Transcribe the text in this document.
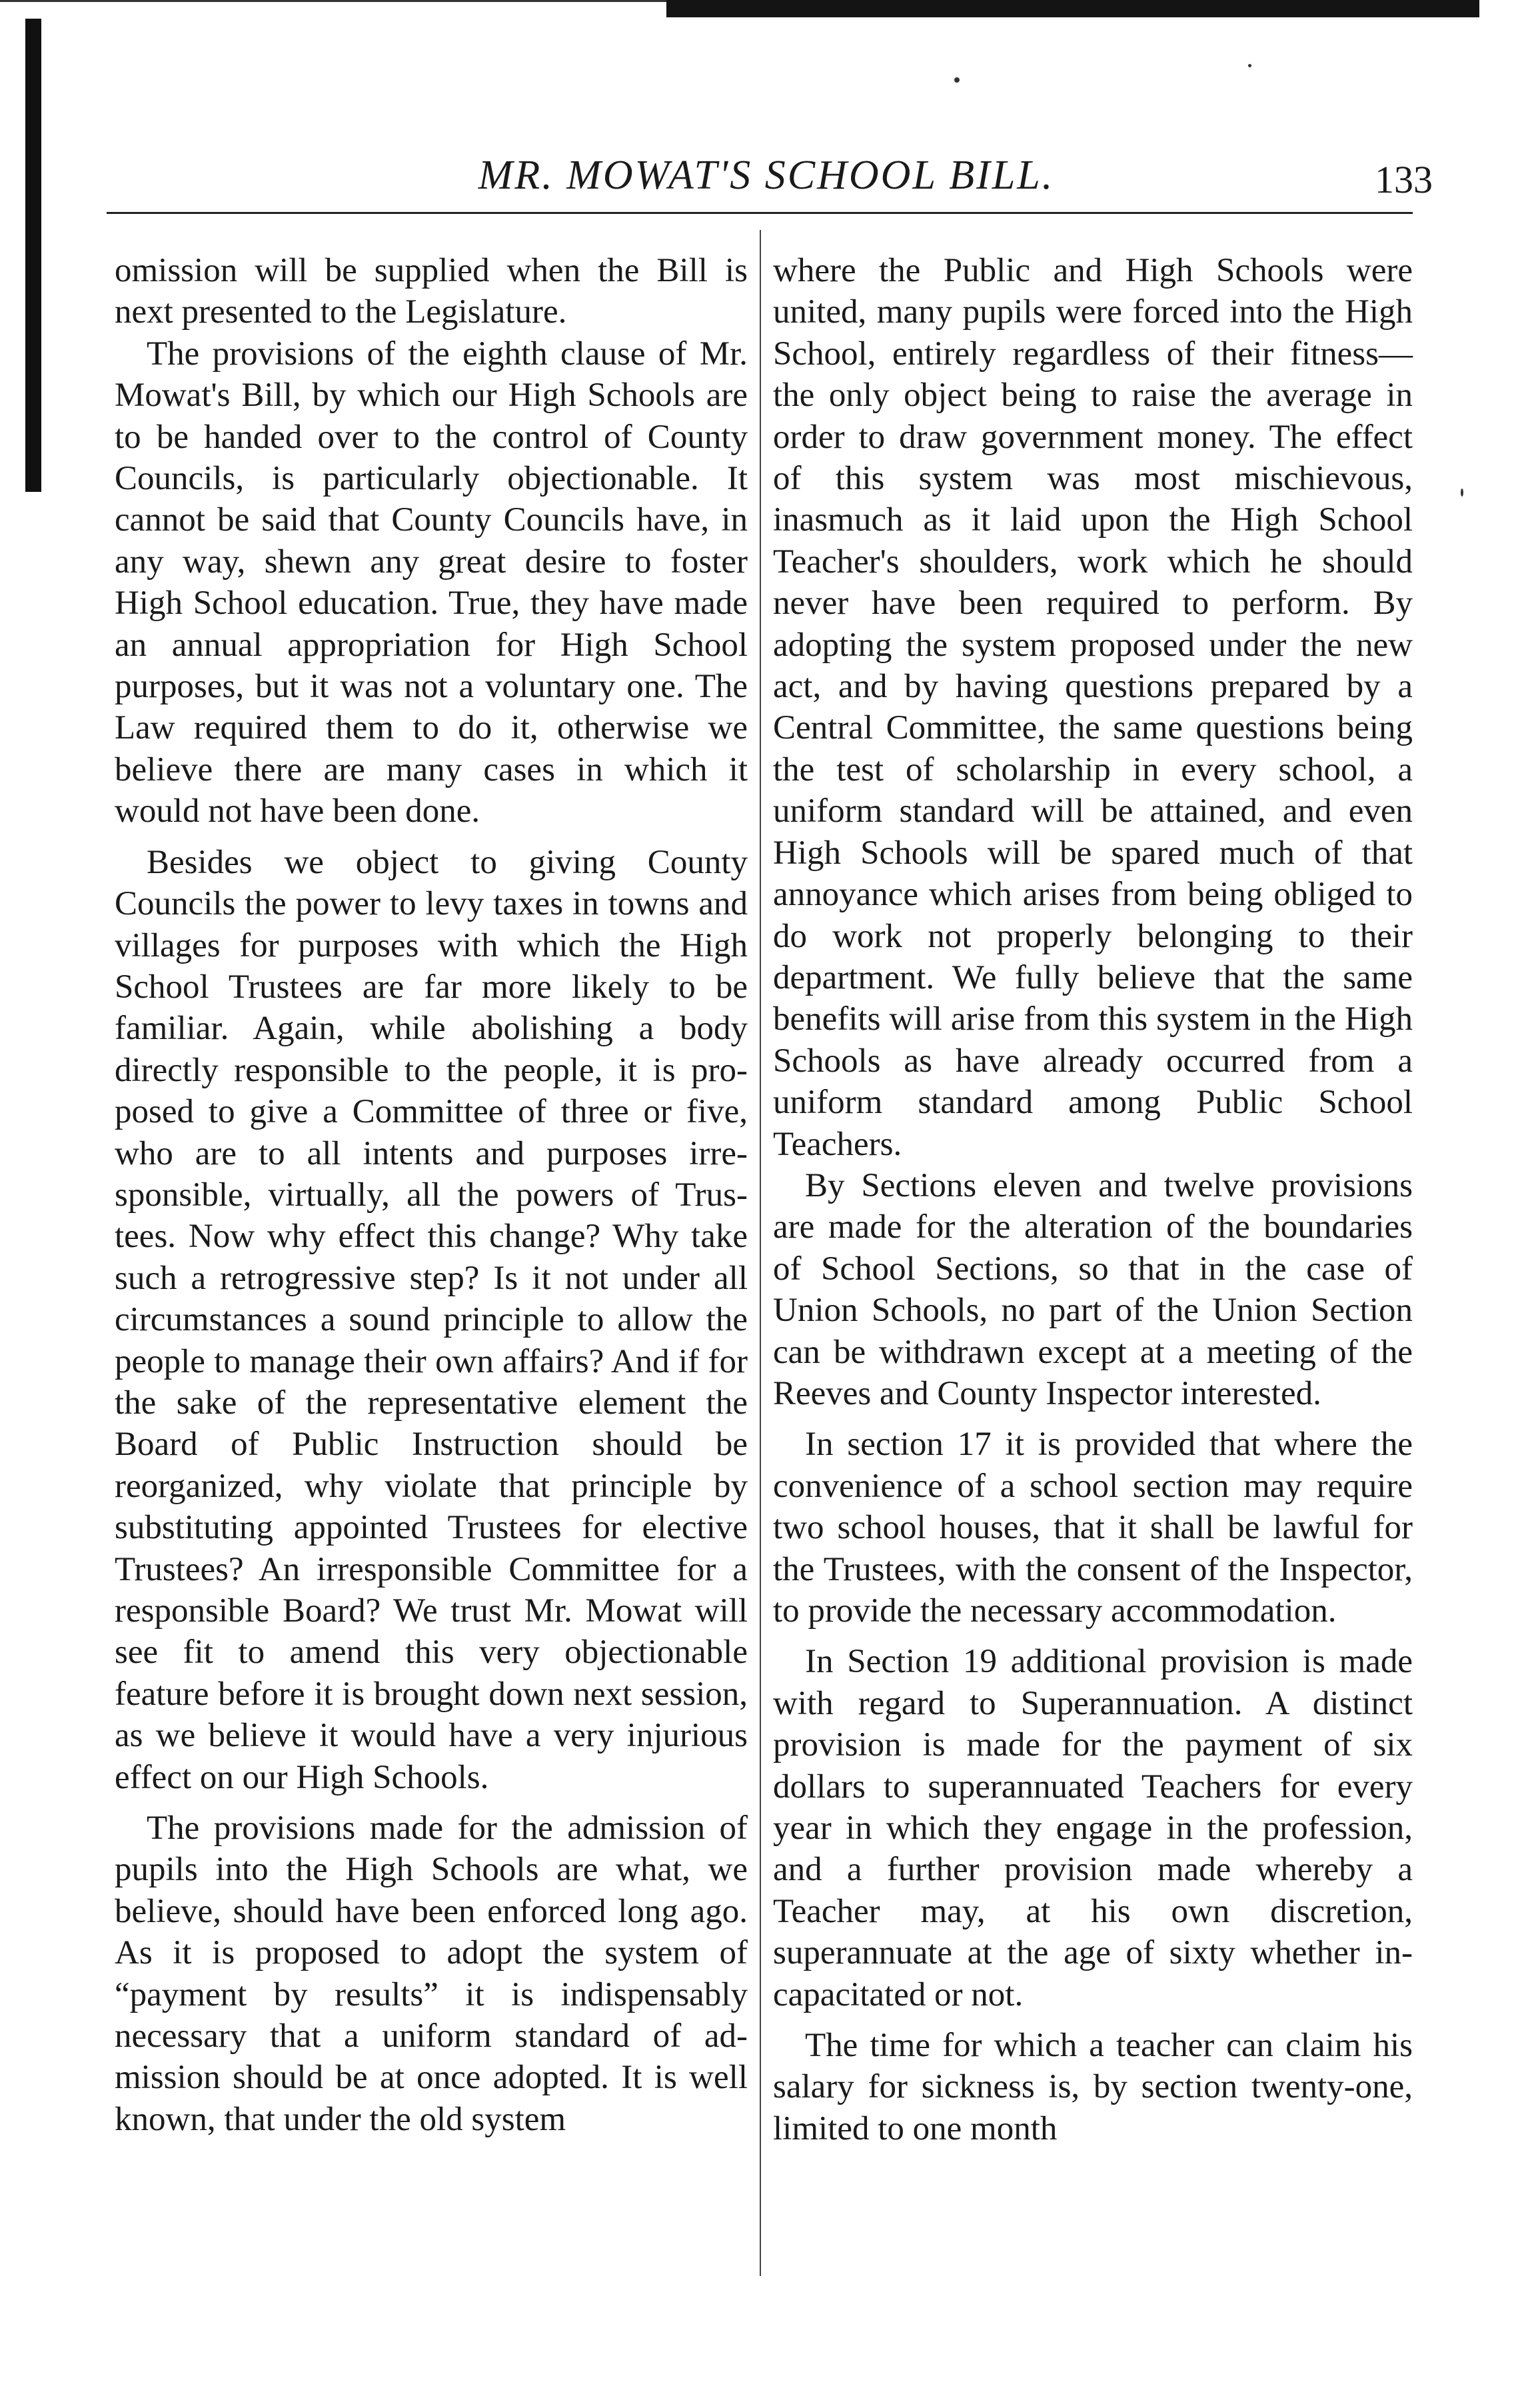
MR. MOWAT'S SCHOOL BILL.	133

omission will be supplied when the Bill is next presented to the Legislature.

The provisions of the eighth clause of Mr. Mowat's Bill, by which our High Schools are to be handed over to the control of County Councils, is particularly objectionable. It cannot be said that County Councils have, in any way, shewn any great desire to foster High School education. True, they have made an annual appropriation for High School purposes, but it was not a voluntary one. The Law required them to do it, otherwise we believe there are many cases in which it would not have been done.

Besides we object to giving County Councils the power to levy taxes in towns and villages for purposes with which the High School Trustees are far more likely to be familiar. Again, while abolishing a body directly responsible to the people, it is proposed to give a Committee of three or five, who are to all intents and purposes irresponsible, virtually, all the powers of Trustees. Now why effect this change? Why take such a retrogressive step? Is it not under all circumstances a sound principle to allow the people to manage their own affairs? And if for the sake of the representative element the Board of Public Instruction should be reorganized, why violate that principle by substituting appointed Trustees for elective Trustees? An irresponsible Committee for a responsible Board? We trust Mr. Mowat will see fit to amend this very objectionable feature before it is brought down next session, as we believe it would have a very injurious effect on our High Schools.

The provisions made for the admission of pupils into the High Schools are what, we believe, should have been enforced long ago. As it is proposed to adopt the system of “payment by results” it is indispensably necessary that a uniform standard of admission should be at once adopted. It is well known, that under the old system

where the Public and High Schools were united, many pupils were forced into the High School, entirely regardless of their fitness—the only object being to raise the average in order to draw government money. The effect of this system was most mischievous, inasmuch as it laid upon the High School Teacher's shoulders, work which he should never have been required to perform. By adopting the system proposed under the new act, and by having questions prepared by a Central Committee, the same questions being the test of scholarship in every school, a uniform standard will be attained, and even High Schools will be spared much of that annoyance which arises from being obliged to do work not properly belonging to their department. We fully believe that the same benefits will arise from this system in the High Schools as have already occurred from a uniform standard among Public School Teachers.

By Sections eleven and twelve provisions are made for the alteration of the boundaries of School Sections, so that in the case of Union Schools, no part of the Union Section can be withdrawn except at a meeting of the Reeves and County Inspector interested.

In section 17 it is provided that where the convenience of a school section may require two school houses, that it shall be lawful for the Trustees, with the consent of the Inspector, to provide the necessary accommodation.

In Section 19 additional provision is made with regard to Superannuation. A distinct provision is made for the payment of six dollars to superannuated Teachers for every year in which they engage in the profession, and a further provision made whereby a Teacher may, at his own discretion, superannuate at the age of sixty whether incapacitated or not.

The time for which a teacher can claim his salary for sickness is, by section twenty-one, limited to one month
